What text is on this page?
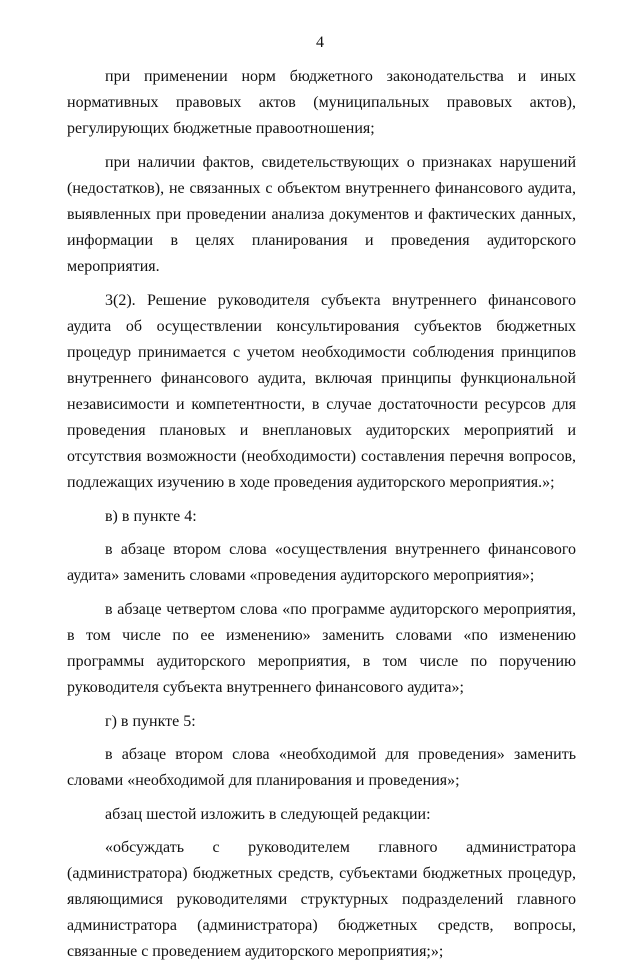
4

при применении норм бюджетного законодательства и иных нормативных правовых актов (муниципальных правовых актов), регулирующих бюджетные правоотношения;

при наличии фактов, свидетельствующих о признаках нарушений (недостатков), не связанных с объектом внутреннего финансового аудита, выявленных при проведении анализа документов и фактических данных, информации в целях планирования и проведения аудиторского мероприятия.

3(2). Решение руководителя субъекта внутреннего финансового аудита об осуществлении консультирования субъектов бюджетных процедур принимается с учетом необходимости соблюдения принципов внутреннего финансового аудита, включая принципы функциональной независимости и компетентности, в случае достаточности ресурсов для проведения плановых и внеплановых аудиторских мероприятий и отсутствия возможности (необходимости) составления перечня вопросов, подлежащих изучению в ходе проведения аудиторского мероприятия.»;

в) в пункте 4:

в абзаце втором слова «осуществления внутреннего финансового аудита» заменить словами «проведения аудиторского мероприятия»;

в абзаце четвертом слова «по программе аудиторского мероприятия, в том числе по ее изменению» заменить словами «по изменению программы аудиторского мероприятия, в том числе по поручению руководителя субъекта внутреннего финансового аудита»;

г) в пункте 5:

в абзаце втором слова «необходимой для проведения» заменить словами «необходимой для планирования и проведения»;

абзац шестой изложить в следующей редакции:

«обсуждать с руководителем главного администратора (администратора) бюджетных средств, субъектами бюджетных процедур, являющимися руководителями структурных подразделений главного администратора (администратора) бюджетных средств, вопросы, связанные с проведением аудиторского мероприятия;»;
